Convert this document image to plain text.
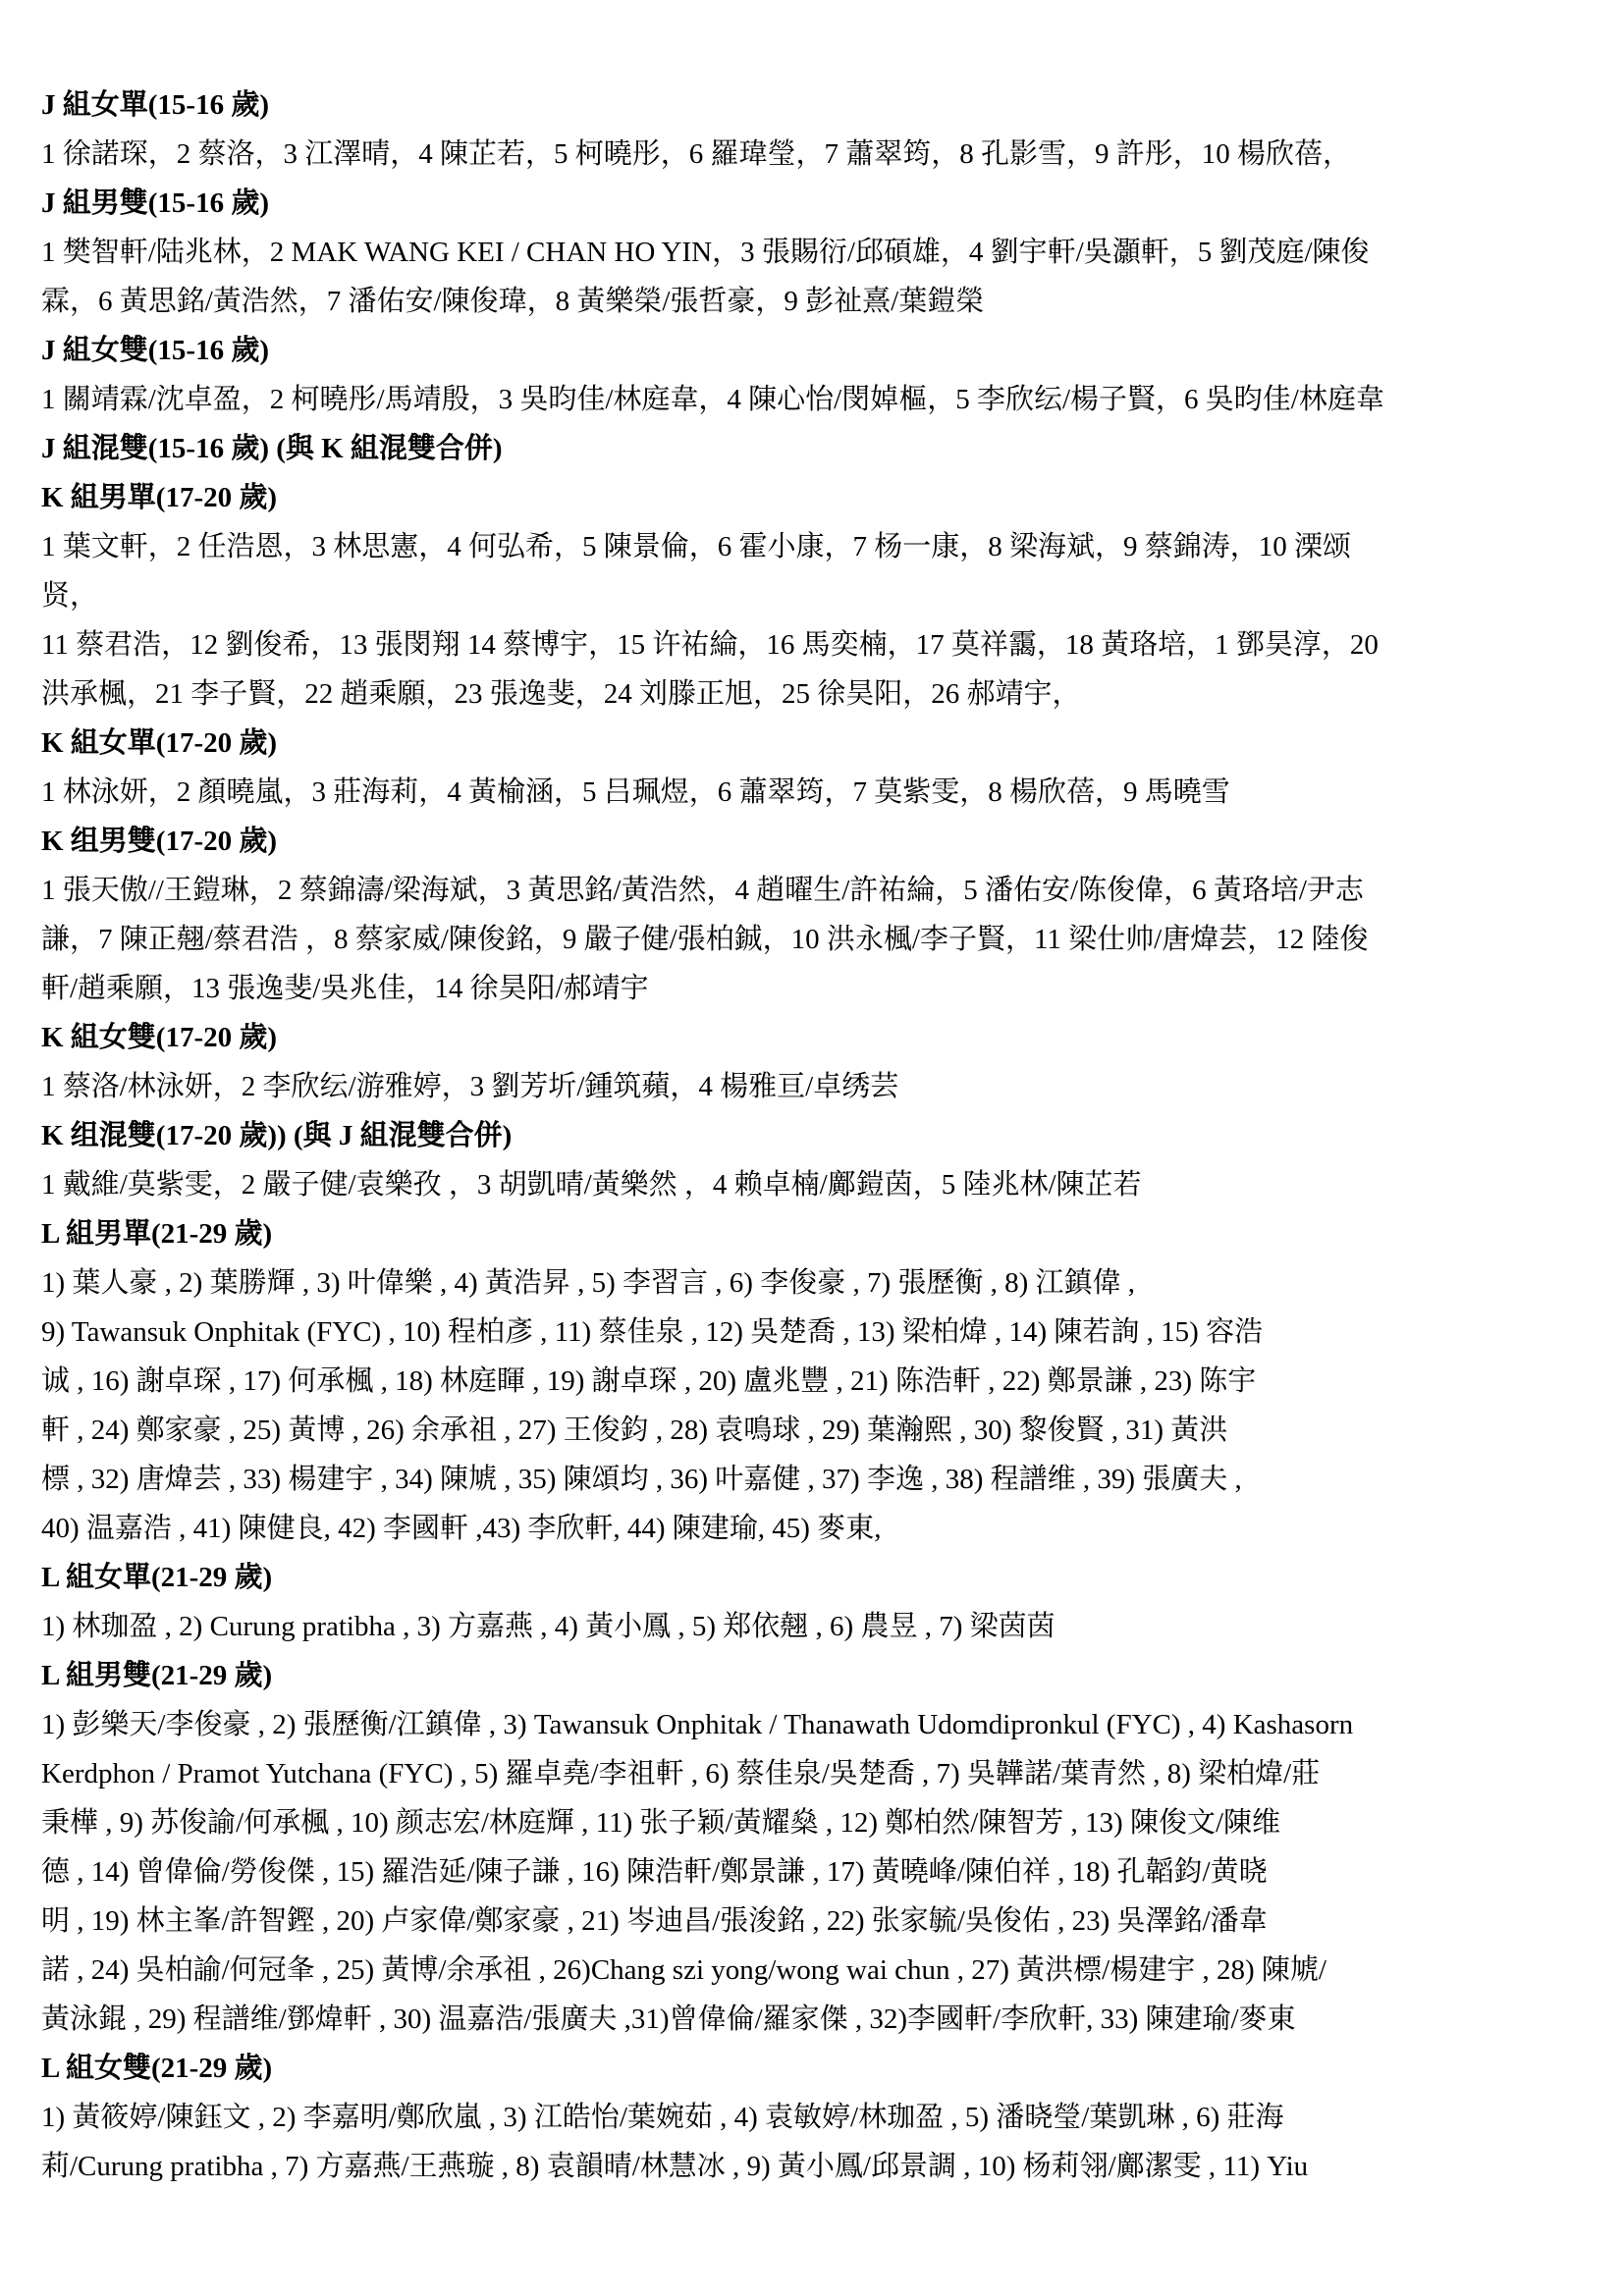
J 組女單(15-16 歲)
1 徐諾琛，2 蔡洛，3 江澤晴，4 陳芷若，5 柯曉彤，6 羅瑋瑩，7 蕭翠筠，8 孔影雪，9 許彤，10 楊欣蓓，
J 組男雙(15-16 歲)
1 樊智軒/陆兆林，2 MAK WANG KEI / CHAN HO YIN，3 張賜衍/邱碩雄，4 劉宇軒/吳灝軒，5 劉茂庭/陳俊
霖，6 黃思銘/黃浩然，7 潘佑安/陳俊瑋，8 黃樂榮/張哲豪，9 彭祉熹/葉鎧榮
J 組女雙(15-16 歲)
1 關靖霖/沈卓盈，2 柯曉彤/馬靖殷，3 吳昀佳/林庭韋，4 陳心怡/閔婥樞，5 李欣纭/楊子賢，6 吳昀佳/林庭韋
J 組混雙(15-16 歲) (與 K 組混雙合併)
K 組男單(17-20 歲)
1 葉文軒，2 任浩恩，3 林思憲，4 何弘希，5 陳景倫，6 霍小康，7 杨一康，8 梁海斌，9 蔡錦涛，10 溧颂
贤，
11 蔡君浩，12 劉俊希，13 張閔翔 14 蔡博宇，15 许祐綸，16 馬奕楠，17 莫祥靄，18 黃珞培，1 鄧昊淳，20
洪承楓，21 李子賢，22 趙乘願，23 張逸斐，24 刘滕正旭，25 徐昊阳，26 郝靖宇，
K 組女單(17-20 歲)
1 林泳妍，2 顏曉嵐，3 莊海莉，4 黃榆涵，5 吕珮煜，6 蕭翠筠，7 莫紫雯，8 楊欣蓓，9 馬曉雪
K 组男雙(17-20 歲)
1 張天傲//王鎧琳，2 蔡錦濤/梁海斌，3 黃思銘/黃浩然，4 趙曜生/許祐綸，5 潘佑安/陈俊偉，6 黃珞培/尹志
謙，7 陳正翹/蔡君浩 ，8 蔡家威/陳俊銘，9 嚴子健/張柏鋮，10 洪永楓/李子賢，11 梁仕帅/唐煒芸，12 陸俊
軒/趙乘願，13 張逸斐/吳兆佳，14 徐昊阳/郝靖宇
K 組女雙(17-20 歲)
1 蔡洛/林泳妍，2 李欣纭/游雅婷，3 劉芳圻/鍾筑蘋，4 楊雅亘/卓绣芸
K 组混雙(17-20 歲)) (與 J 組混雙合併)
1 戴維/莫紫雯，2 嚴子健/袁樂孜 ，3 胡凱晴/黃樂然 ，4 赖卓楠/鄺鎧茵，5 陸兆林/陳芷若
L 組男單(21-29 歲)
1) 葉人豪 , 2) 葉勝輝 , 3) 叶偉樂 , 4) 黃浩昇 , 5) 李習言 , 6) 李俊豪 , 7) 張歷衡 , 8) 江鎮偉 ,
9) Tawansuk Onphitak (FYC) , 10) 程柏彥 , 11) 蔡佳泉 , 12) 吳楚喬 , 13) 梁柏煒 , 14) 陳若詢 , 15) 容浩
诚 , 16) 謝卓琛 , 17) 何承楓 , 18) 林庭睴 , 19) 謝卓琛 , 20) 盧兆豐 , 21) 陈浩軒 , 22) 鄭景謙 , 23) 陈宇
軒 , 24) 鄭家豪 , 25) 黃博 , 26) 余承祖 , 27) 王俊鈞 , 28) 袁鳴球 , 29) 葉瀚熙 , 30) 黎俊賢 , 31) 黃洪
標 , 32) 唐煒芸 , 33) 楊建宇 , 34) 陳虓 , 35) 陳頌均 , 36) 叶嘉健 , 37) 李逸 , 38) 程譜维 , 39) 張廣夫 ,
40) 温嘉浩 , 41) 陳健良, 42) 李國軒 ,43) 李欣軒, 44) 陳建瑜, 45) 麥東,
L 組女單(21-29 歲)
1) 林珈盈 , 2) Curung pratibha , 3) 方嘉燕 , 4) 黃小鳳 , 5) 郑依翹 , 6) 農昱 , 7) 梁茵茵
L 組男雙(21-29 歲)
1) 彭樂天/李俊豪 , 2) 張歷衡/江鎮偉 , 3) Tawansuk Onphitak / Thanawath Udomdipronkul (FYC) , 4) Kashasorn
Kerdphon / Pramot Yutchana (FYC) , 5) 羅卓堯/李祖軒 , 6) 蔡佳泉/吳楚喬 , 7) 吳韡諾/葉青然 , 8) 梁柏煒/莊
秉樺 , 9) 苏俊諭/何承楓 , 10) 颜志宏/林庭輝 , 11) 张子颖/黃耀燊 , 12) 鄭柏然/陳智芳 , 13) 陳俊文/陳维
德 , 14) 曾偉倫/勞俊傑 , 15) 羅浩延/陳子謙 , 16) 陳浩軒/鄭景謙 , 17) 黃曉峰/陳伯祥 , 18) 孔韜鈞/黄晓
明 , 19) 林主峯/許智鏗 , 20) 卢家偉/鄭家豪 , 21) 岑迪昌/張浚銘 , 22) 张家毓/吳俊佑 , 23) 吳澤銘/潘韋
諾 , 24) 吳柏諭/何冠夆 , 25) 黃博/余承祖 , 26)Chang szi yong/wong wai chun , 27) 黃洪標/楊建宇 , 28) 陳虓/
黃泳錕 , 29) 程譜维/鄧煒軒 , 30) 温嘉浩/張廣夫 ,31)曾偉倫/羅家傑 , 32)李國軒/李欣軒, 33) 陳建瑜/麥東
L 組女雙(21-29 歲)
1) 黃筱婷/陳鈺文 , 2) 李嘉明/鄭欣嵐 , 3) 江皓怡/葉婉茹 , 4) 袁敏婷/林珈盈 , 5) 潘晓瑩/葉凱琳 , 6) 莊海
莉/Curung pratibha , 7) 方嘉燕/王燕璇 , 8) 袁韻晴/林慧冰 , 9) 黃小鳳/邱景調 , 10) 杨莉翎/鄺潔雯 , 11) Yiu
